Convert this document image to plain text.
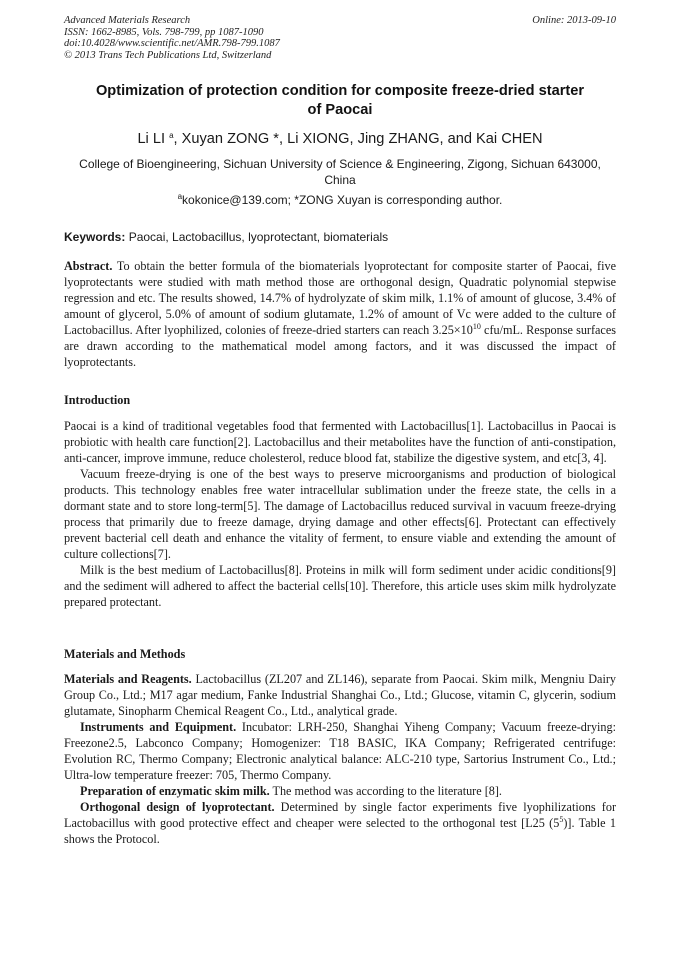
Advanced Materials Research
ISSN: 1662-8985, Vols. 798-799, pp 1087-1090
doi:10.4028/www.scientific.net/AMR.798-799.1087
© 2013 Trans Tech Publications Ltd, Switzerland
Online: 2013-09-10
Optimization of protection condition for composite freeze-dried starter
of Paocai
Li LI $^a$, Xuyan ZONG *, Li XIONG, Jing ZHANG, and Kai CHEN
College of Bioengineering, Sichuan University of Science & Engineering, Zigong, Sichuan 643000,
China
$^a$kokonice@139.com; *ZONG Xuyan is corresponding author.
Keywords: Paocai, Lactobacillus, lyoprotectant, biomaterials

Abstract. To obtain the better formula of the biomaterials lyoprotectant for composite starter of Paocai, five lyoprotectants were studied with math method those are orthogonal design, Quadratic polynomial stepwise regression and etc. The results showed, 14.7% of hydrolyzate of skim milk, 1.1% of amount of glucose, 3.4% of amount of glycerol, 5.0% of amount of sodium glutamate, 1.2% of amount of Vc were added to the culture of Lactobacillus. After lyophilized, colonies of freeze-dried starters can reach $3.25\times 10^{10}$ cfu/mL. Response surfaces are drawn according to the mathematical model among factors, and it was discussed the impact of lyoprotectants.

Introduction

Paocai is a kind of traditional vegetables food that fermented with Lactobacillus[1]. Lactobacillus in Paocai is probiotic with health care function[2]. Lactobacillus and their metabolites have the function of anti-constipation, anti-cancer, improve immune, reduce cholesterol, reduce blood fat, stabilize the digestive system, and etc[3, 4].

Vacuum freeze-drying is one of the best ways to preserve microorganisms and production of biological products. This technology enables free water intracellular sublimation under the freeze state, the cells in a dormant state and to store long-term[5]. The damage of Lactobacillus reduced survival in vacuum freeze-drying process that primarily due to freeze damage, drying damage and other effects[6]. Protectant can effectively prevent bacterial cell death and enhance the vitality of ferment, to ensure viable and extending the amount of culture collections[7].

Milk is the best medium of Lactobacillus[8]. Proteins in milk will form sediment under acidic conditions[9] and the sediment will adhered to affect the bacterial cells[10]. Therefore, this article uses skim milk hydrolyzate prepared protectant.

Materials and Methods

Materials and Reagents. Lactobacillus (ZL207 and ZL146), separate from Paocai. Skim milk, Mengniu Dairy Group Co., Ltd.; M17 agar medium, Fanke Industrial Shanghai Co., Ltd.; Glucose, vitamin C, glycerin, sodium glutamate, Sinopharm Chemical Reagent Co., Ltd., analytical grade.

Instruments and Equipment. Incubator: LRH-250, Shanghai Yiheng Company; Vacuum freeze-drying: Freezone2.5, Labconco Company; Homogenizer: T18 BASIC, IKA Company; Refrigerated centrifuge: Evolution RC, Thermo Company; Electronic analytical balance: ALC-210 type, Sartorius Instrument Co., Ltd.; Ultra-low temperature freezer: 705, Thermo Company.

Preparation of enzymatic skim milk. The method was according to the literature [8].

Orthogonal design of lyoprotectant. Determined by single factor experiments five lyophilizations for Lactobacillus with good protective effect and cheaper were selected to the orthogonal test [L25 $(5^5)$]. Table 1 shows the Protocol.
